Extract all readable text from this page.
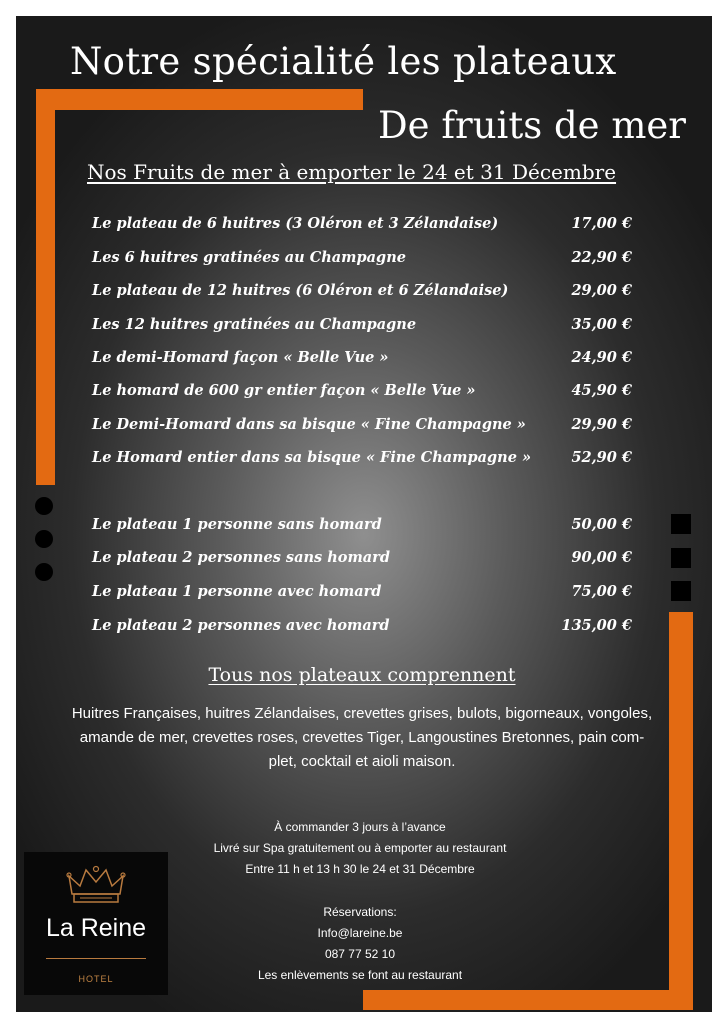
Notre spécialité les plateaux
De fruits de mer
Nos Fruits de mer à emporter le 24 et 31 Décembre
Le plateau de 6 huitres (3 Oléron et 3 Zélandaise)	17,00 €
Les 6 huitres gratinées au Champagne	22,90 €
Le plateau de 12 huitres (6 Oléron et 6 Zélandaise)	29,00 €
Les 12 huitres gratinées au Champagne	35,00 €
Le demi-Homard façon « Belle Vue »	24,90 €
Le homard de 600 gr entier façon « Belle Vue »	45,90 €
Le Demi-Homard dans sa bisque « Fine Champagne »	29,90 €
Le Homard entier dans sa bisque « Fine Champagne »	52,90 €
Le plateau 1 personne sans homard	50,00 €
Le plateau 2 personnes sans homard	90,00 €
Le plateau 1 personne avec homard	75,00 €
Le plateau 2 personnes avec homard	135,00 €
Tous nos plateaux comprennent
Huitres Françaises, huitres Zélandaises, crevettes grises, bulots, bigorneaux, vongoles,
amande de mer, crevettes roses, crevettes Tiger, Langoustines Bretonnes, pain com-
plet, cocktail et aioli maison.
À commander 3 jours à l’avance
Livré sur Spa gratuitement ou à emporter au restaurant
Entre 11 h et 13 h 30 le 24 et 31 Décembre
Réservations:
Info@lareine.be
087 77 52 10
Les enlèvements se font au restaurant
La Reine
HOTEL
